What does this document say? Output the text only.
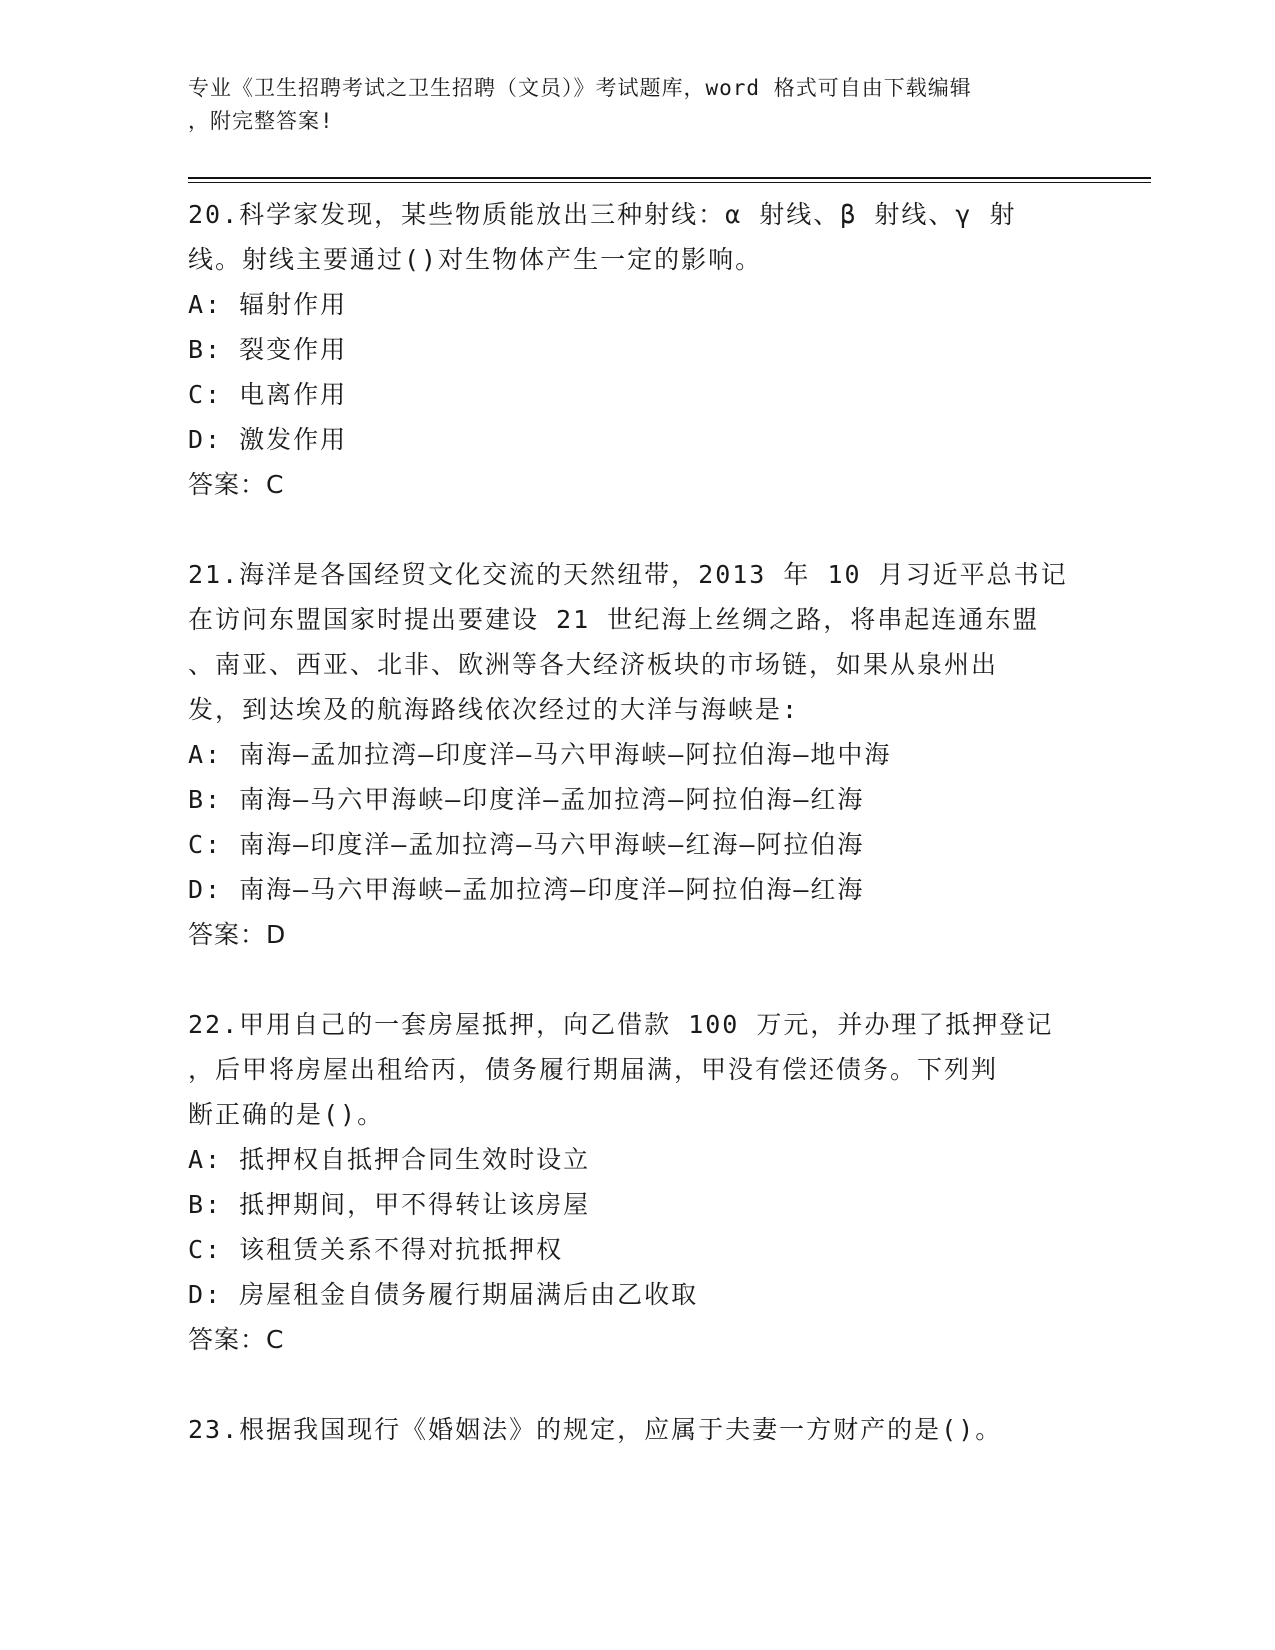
专业《卫生招聘考试之卫生招聘（文员）》考试题库，word 格式可自由下载编辑
，附完整答案!
20.科学家发现，某些物质能放出三种射线：α 射线、β 射线、γ 射
线。射线主要通过()对生物体产生一定的影响。
A: 辐射作用
B: 裂变作用
C: 电离作用
D: 激发作用
答案：C
21.海洋是各国经贸文化交流的天然纽带，2013 年 10 月习近平总书记
在访问东盟国家时提出要建设 21 世纪海上丝绸之路，将串起连通东盟
、南亚、西亚、北非、欧洲等各大经济板块的市场链，如果从泉州出
发，到达埃及的航海路线依次经过的大洋与海峡是:
A: 南海—孟加拉湾—印度洋—马六甲海峡—阿拉伯海—地中海
B: 南海—马六甲海峡—印度洋—孟加拉湾—阿拉伯海—红海
C: 南海—印度洋—孟加拉湾—马六甲海峡—红海—阿拉伯海
D: 南海—马六甲海峡—孟加拉湾—印度洋—阿拉伯海—红海
答案：D
22.甲用自己的一套房屋抵押，向乙借款 100 万元，并办理了抵押登记
，后甲将房屋出租给丙，债务履行期届满，甲没有偿还债务。下列判
断正确的是()。
A: 抵押权自抵押合同生效时设立
B: 抵押期间，甲不得转让该房屋
C: 该租赁关系不得对抗抵押权
D: 房屋租金自债务履行期届满后由乙收取
答案：C
23.根据我国现行《婚姻法》的规定，应属于夫妻一方财产的是()。
